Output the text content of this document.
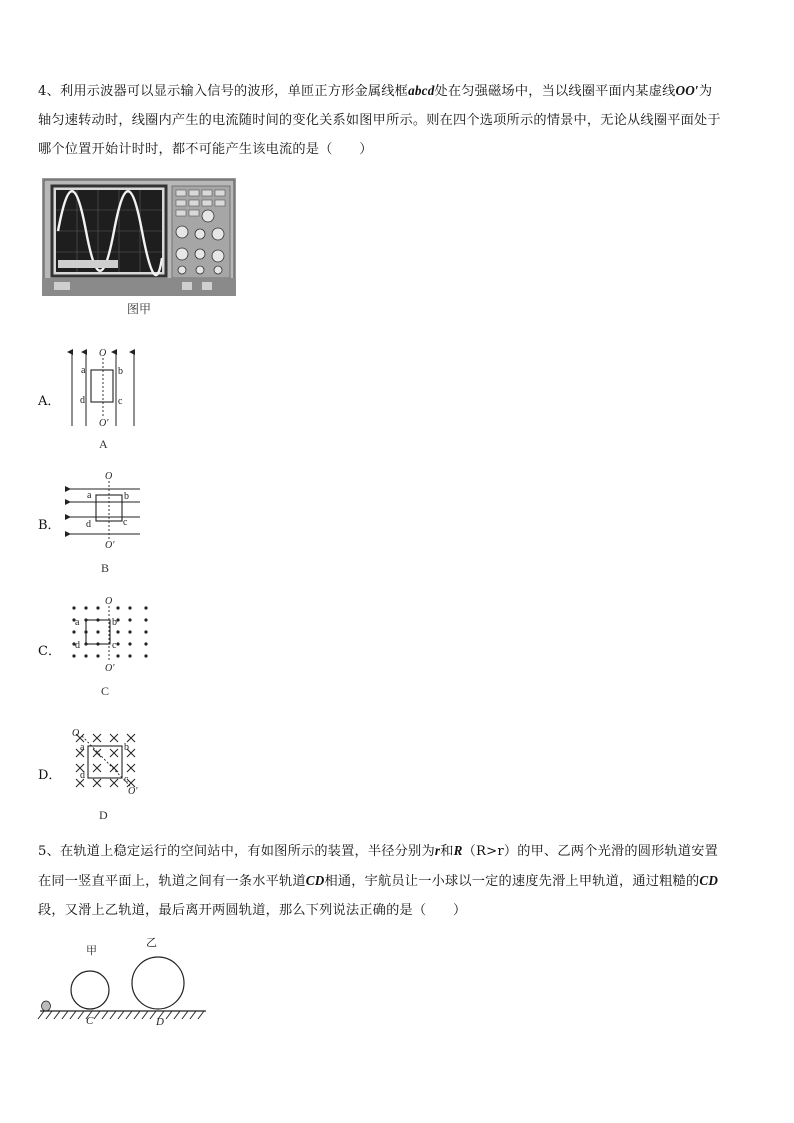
4、利用示波器可以显示输入信号的波形，单匝正方形金属线框abcd处在匀强磁场中，当以线圈平面内某虚线OO′为
轴匀速转动时，线圈内产生的电流随时间的变化关系如图甲所示。则在四个选项所示的情景中，无论从线圈平面处于
哪个位置开始计时时，都不可能产生该电流的是（　　）
图甲
A．
O
O′
a	b
c
d
A
B．
O
O′
a	b
c
d
B
C．
O
O′
a	b
c
d
C
D．
O
O′
a	b
c
d
D
5、在轨道上稳定运行的空间站中，有如图所示的装置，半径分别为r和R（R>r）的甲、乙两个光滑的圆形轨道安置
在同一竖直平面上，轨道之间有一条水平轨道CD相通，宇航员让一小球以一定的速度先滑上甲轨道，通过粗糙的CD
段，又滑上乙轨道，最后离开两圆轨道，那么下列说法正确的是（　　）
甲
乙
C	D
